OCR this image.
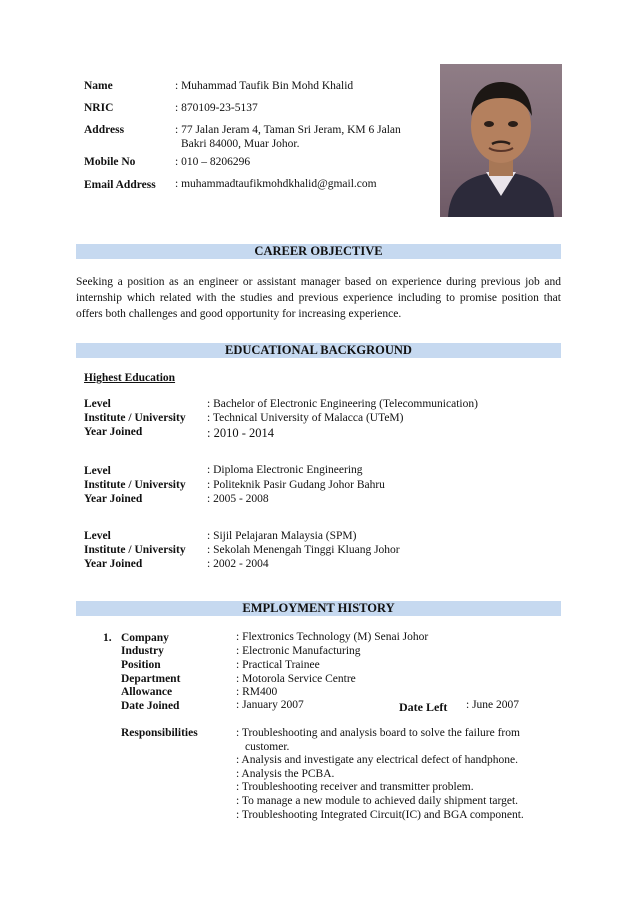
Name	: Muhammad Taufik Bin Mohd Khalid
NRIC	: 870109-23-5137
Address	: 77 Jalan Jeram 4, Taman Sri Jeram, KM 6 Jalan
Bakri 84000, Muar Johor.
Mobile No	: 010 – 8206296
Email Address : muhammadtaufikmohdkhalid@gmail.com
CAREER OBJECTIVE
Seeking a position as an engineer or assistant manager based on experience during previous job and internship which related with the studies and previous experience including to promise position that offers both challenges and good opportunity for increasing experience.
EDUCATIONAL BACKGROUND
Highest Education
Level	: Bachelor of Electronic Engineering (Telecommunication)
Institute / University : Technical University of Malacca (UTeM)
Year Joined	: 2010 - 2014
Level	: Diploma Electronic Engineering
Institute / University : Politeknik Pasir Gudang Johor Bahru
Year Joined	: 2005 - 2008
Level	: Sijil Pelajaran Malaysia (SPM)
Institute / University : Sekolah Menengah Tinggi Kluang Johor
Year Joined	: 2002 - 2004
EMPLOYMENT HISTORY
1. Company	: Flextronics Technology (M) Senai Johor
Industry	: Electronic Manufacturing
Position	: Practical Trainee
Department	: Motorola Service Centre
Allowance	: RM400
Date Joined	: January 2007	Date Left : June 2007
Responsibilities	: Troubleshooting and analysis board to solve the failure from
customer.
: Analysis and investigate any electrical defect of handphone.
: Analysis the PCBA.
: Troubleshooting receiver and transmitter problem.
: To manage a new module to achieved daily shipment target.
: Troubleshooting Integrated Circuit(IC) and BGA component.
